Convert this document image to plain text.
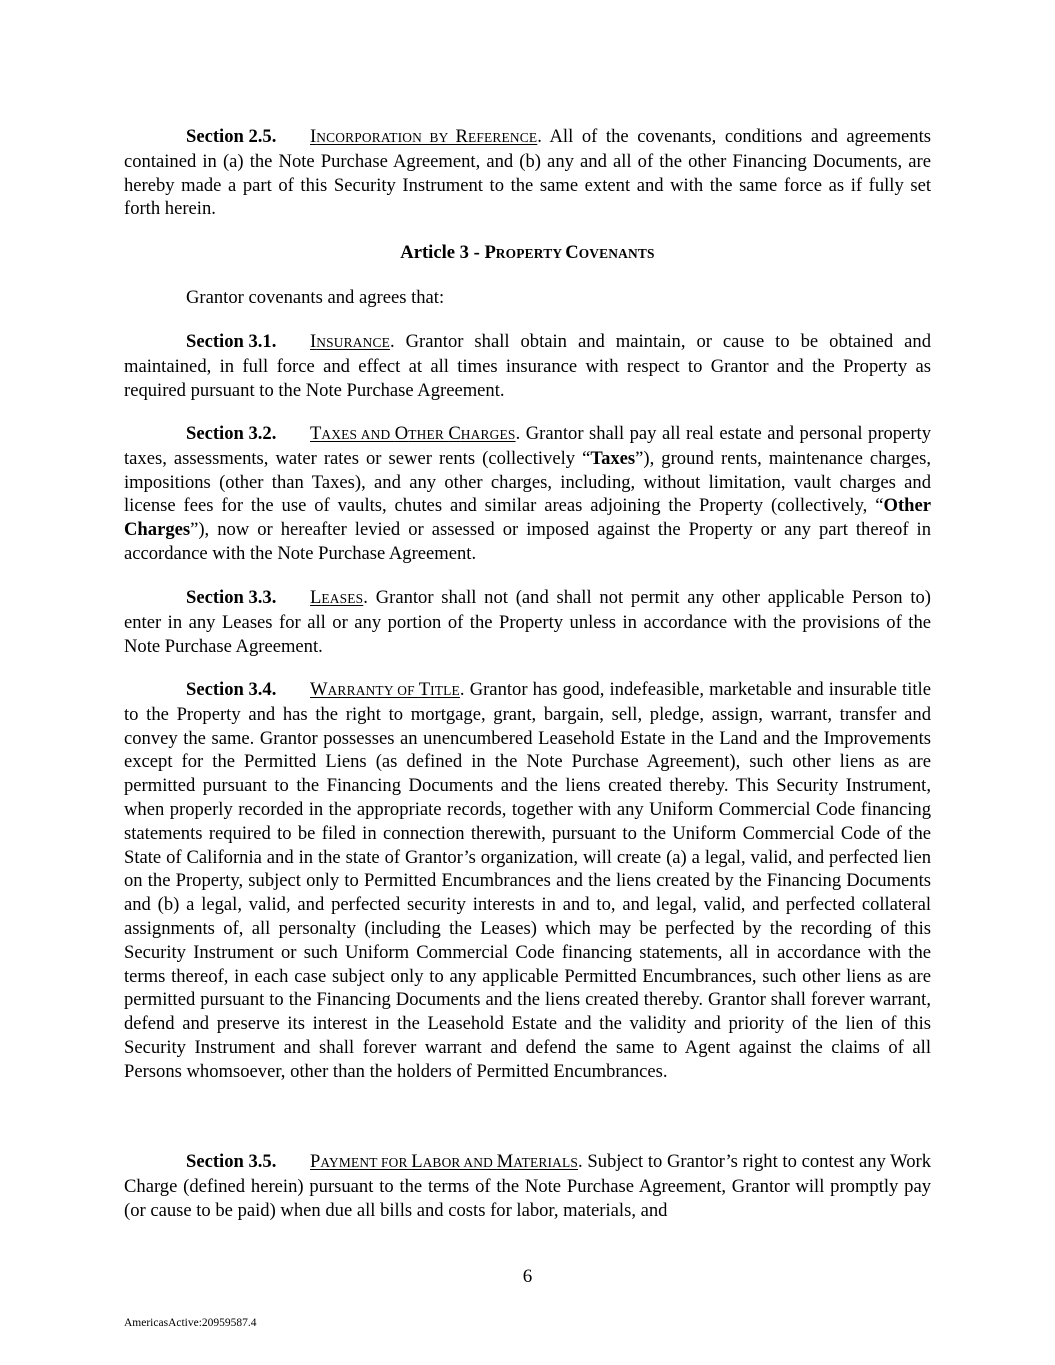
Section 2.5. INCORPORATION BY REFERENCE. All of the covenants, conditions and agreements contained in (a) the Note Purchase Agreement, and (b) any and all of the other Financing Documents, are hereby made a part of this Security Instrument to the same extent and with the same force as if fully set forth herein.

Article 3 - PROPERTY COVENANTS

Grantor covenants and agrees that:

Section 3.1. INSURANCE. Grantor shall obtain and maintain, or cause to be obtained and maintained, in full force and effect at all times insurance with respect to Grantor and the Property as required pursuant to the Note Purchase Agreement.

Section 3.2. TAXES AND OTHER CHARGES. Grantor shall pay all real estate and personal property taxes, assessments, water rates or sewer rents (collectively “Taxes”), ground rents, maintenance charges, impositions (other than Taxes), and any other charges, including, without limitation, vault charges and license fees for the use of vaults, chutes and similar areas adjoining the Property (collectively, “Other Charges”), now or hereafter levied or assessed or imposed against the Property or any part thereof in accordance with the Note Purchase Agreement.

Section 3.3. LEASES. Grantor shall not (and shall not permit any other applicable Person to) enter in any Leases for all or any portion of the Property unless in accordance with the provisions of the Note Purchase Agreement.

Section 3.4. WARRANTY OF TITLE. Grantor has good, indefeasible, marketable and insurable title to the Property and has the right to mortgage, grant, bargain, sell, pledge, assign, warrant, transfer and convey the same. Grantor possesses an unencumbered Leasehold Estate in the Land and the Improvements except for the Permitted Liens (as defined in the Note Purchase Agreement), such other liens as are permitted pursuant to the Financing Documents and the liens created thereby. This Security Instrument, when properly recorded in the appropriate records, together with any Uniform Commercial Code financing statements required to be filed in connection therewith, pursuant to the Uniform Commercial Code of the State of California and in the state of Grantor’s organization, will create (a) a legal, valid, and perfected lien on the Property, subject only to Permitted Encumbrances and the liens created by the Financing Documents and (b) a legal, valid, and perfected security interests in and to, and legal, valid, and perfected collateral assignments of, all personalty (including the Leases) which may be perfected by the recording of this Security Instrument or such Uniform Commercial Code financing statements, all in accordance with the terms thereof, in each case subject only to any applicable Permitted Encumbrances, such other liens as are permitted pursuant to the Financing Documents and the liens created thereby. Grantor shall forever warrant, defend and preserve its interest in the Leasehold Estate and the validity and priority of the lien of this Security Instrument and shall forever warrant and defend the same to Agent against the claims of all Persons whomsoever, other than the holders of Permitted Encumbrances.

Section 3.5. PAYMENT FOR LABOR AND MATERIALS. Subject to Grantor’s right to contest any Work Charge (defined herein) pursuant to the terms of the Note Purchase Agreement, Grantor will promptly pay (or cause to be paid) when due all bills and costs for labor, materials, and

6
AmericasActive:20959587.4
